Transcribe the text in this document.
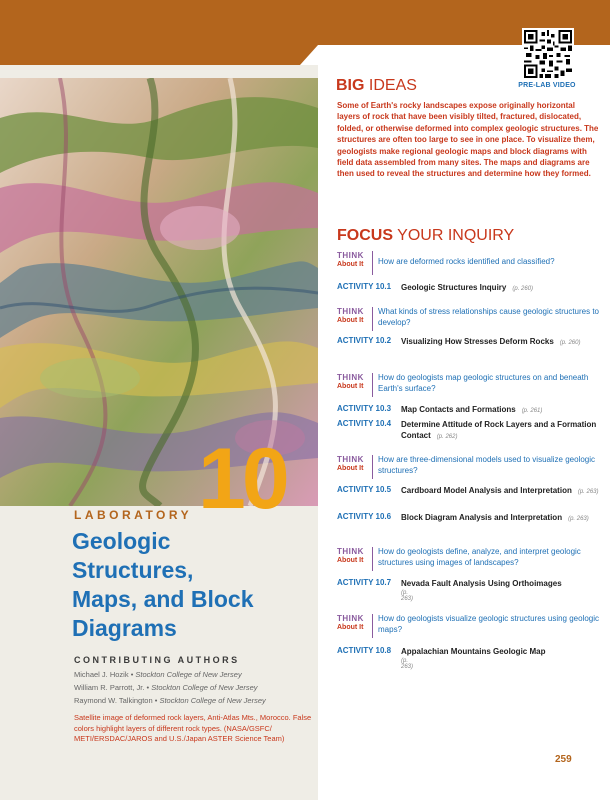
PRE-LAB VIDEO
10
LABORATORY
Geologic
Structures,
Maps, and Block
Diagrams
CONTRIBUTING AUTHORS
Michael J. Hozik • Stockton College of New Jersey
William R. Parrott, Jr. • Stockton College of New Jersey
Raymond W. Talkington • Stockton College of New Jersey
Satellite image of deformed rock layers, Anti-Atlas Mts., Morocco. False colors highlight layers of different rock types. (NASA/GSFC/ METI/ERSDAC/JAROS and U.S./Japan ASTER Science Team)
BIG IDEAS
Some of Earth's rocky landscapes expose originally horizontal layers of rock that have been visibly tilted, fractured, dislocated, folded, or otherwise deformed into complex geologic structures. The structures are often too large to see in one place. To visualize them, geologists make regional geologic maps and block diagrams with field data assembled from many sites. The maps and diagrams are then used to reveal the structures and determine how they formed.
FOCUS YOUR INQUIRY
THINK
About It	How are deformed rocks identified and classified?
ACTIVITY 10.1 Geologic Structures Inquiry (p. 260)
THINK
About It
What kinds of stress relationships cause geologic structures to develop?
ACTIVITY 10.2 Visualizing How Stresses Deform Rocks (p. 260)
THINK
About It
How do geologists map geologic structures on and beneath Earth's surface?
ACTIVITY 10.3 Map Contacts and Formations (p. 261)
ACTIVITY 10.4 Determine Attitude of Rock Layers and a Formation Contact (p. 262)
THINK
About It
How are three-dimensional models used to visualize geologic structures?
ACTIVITY 10.5 Cardboard Model Analysis and Interpretation (p. 263)
ACTIVITY 10.6 Block Diagram Analysis and Interpretation (p. 263)
THINK
About It
How do geologists define, analyze, and interpret geologic structures using images of landscapes?
ACTIVITY 10.7 Nevada Fault Analysis Using Orthoimages
(p. 263)
THINK
About It
How do geologists visualize geologic structures using geologic maps?
ACTIVITY 10.8 Appalachian Mountains Geologic Map
(p. 263)
259
